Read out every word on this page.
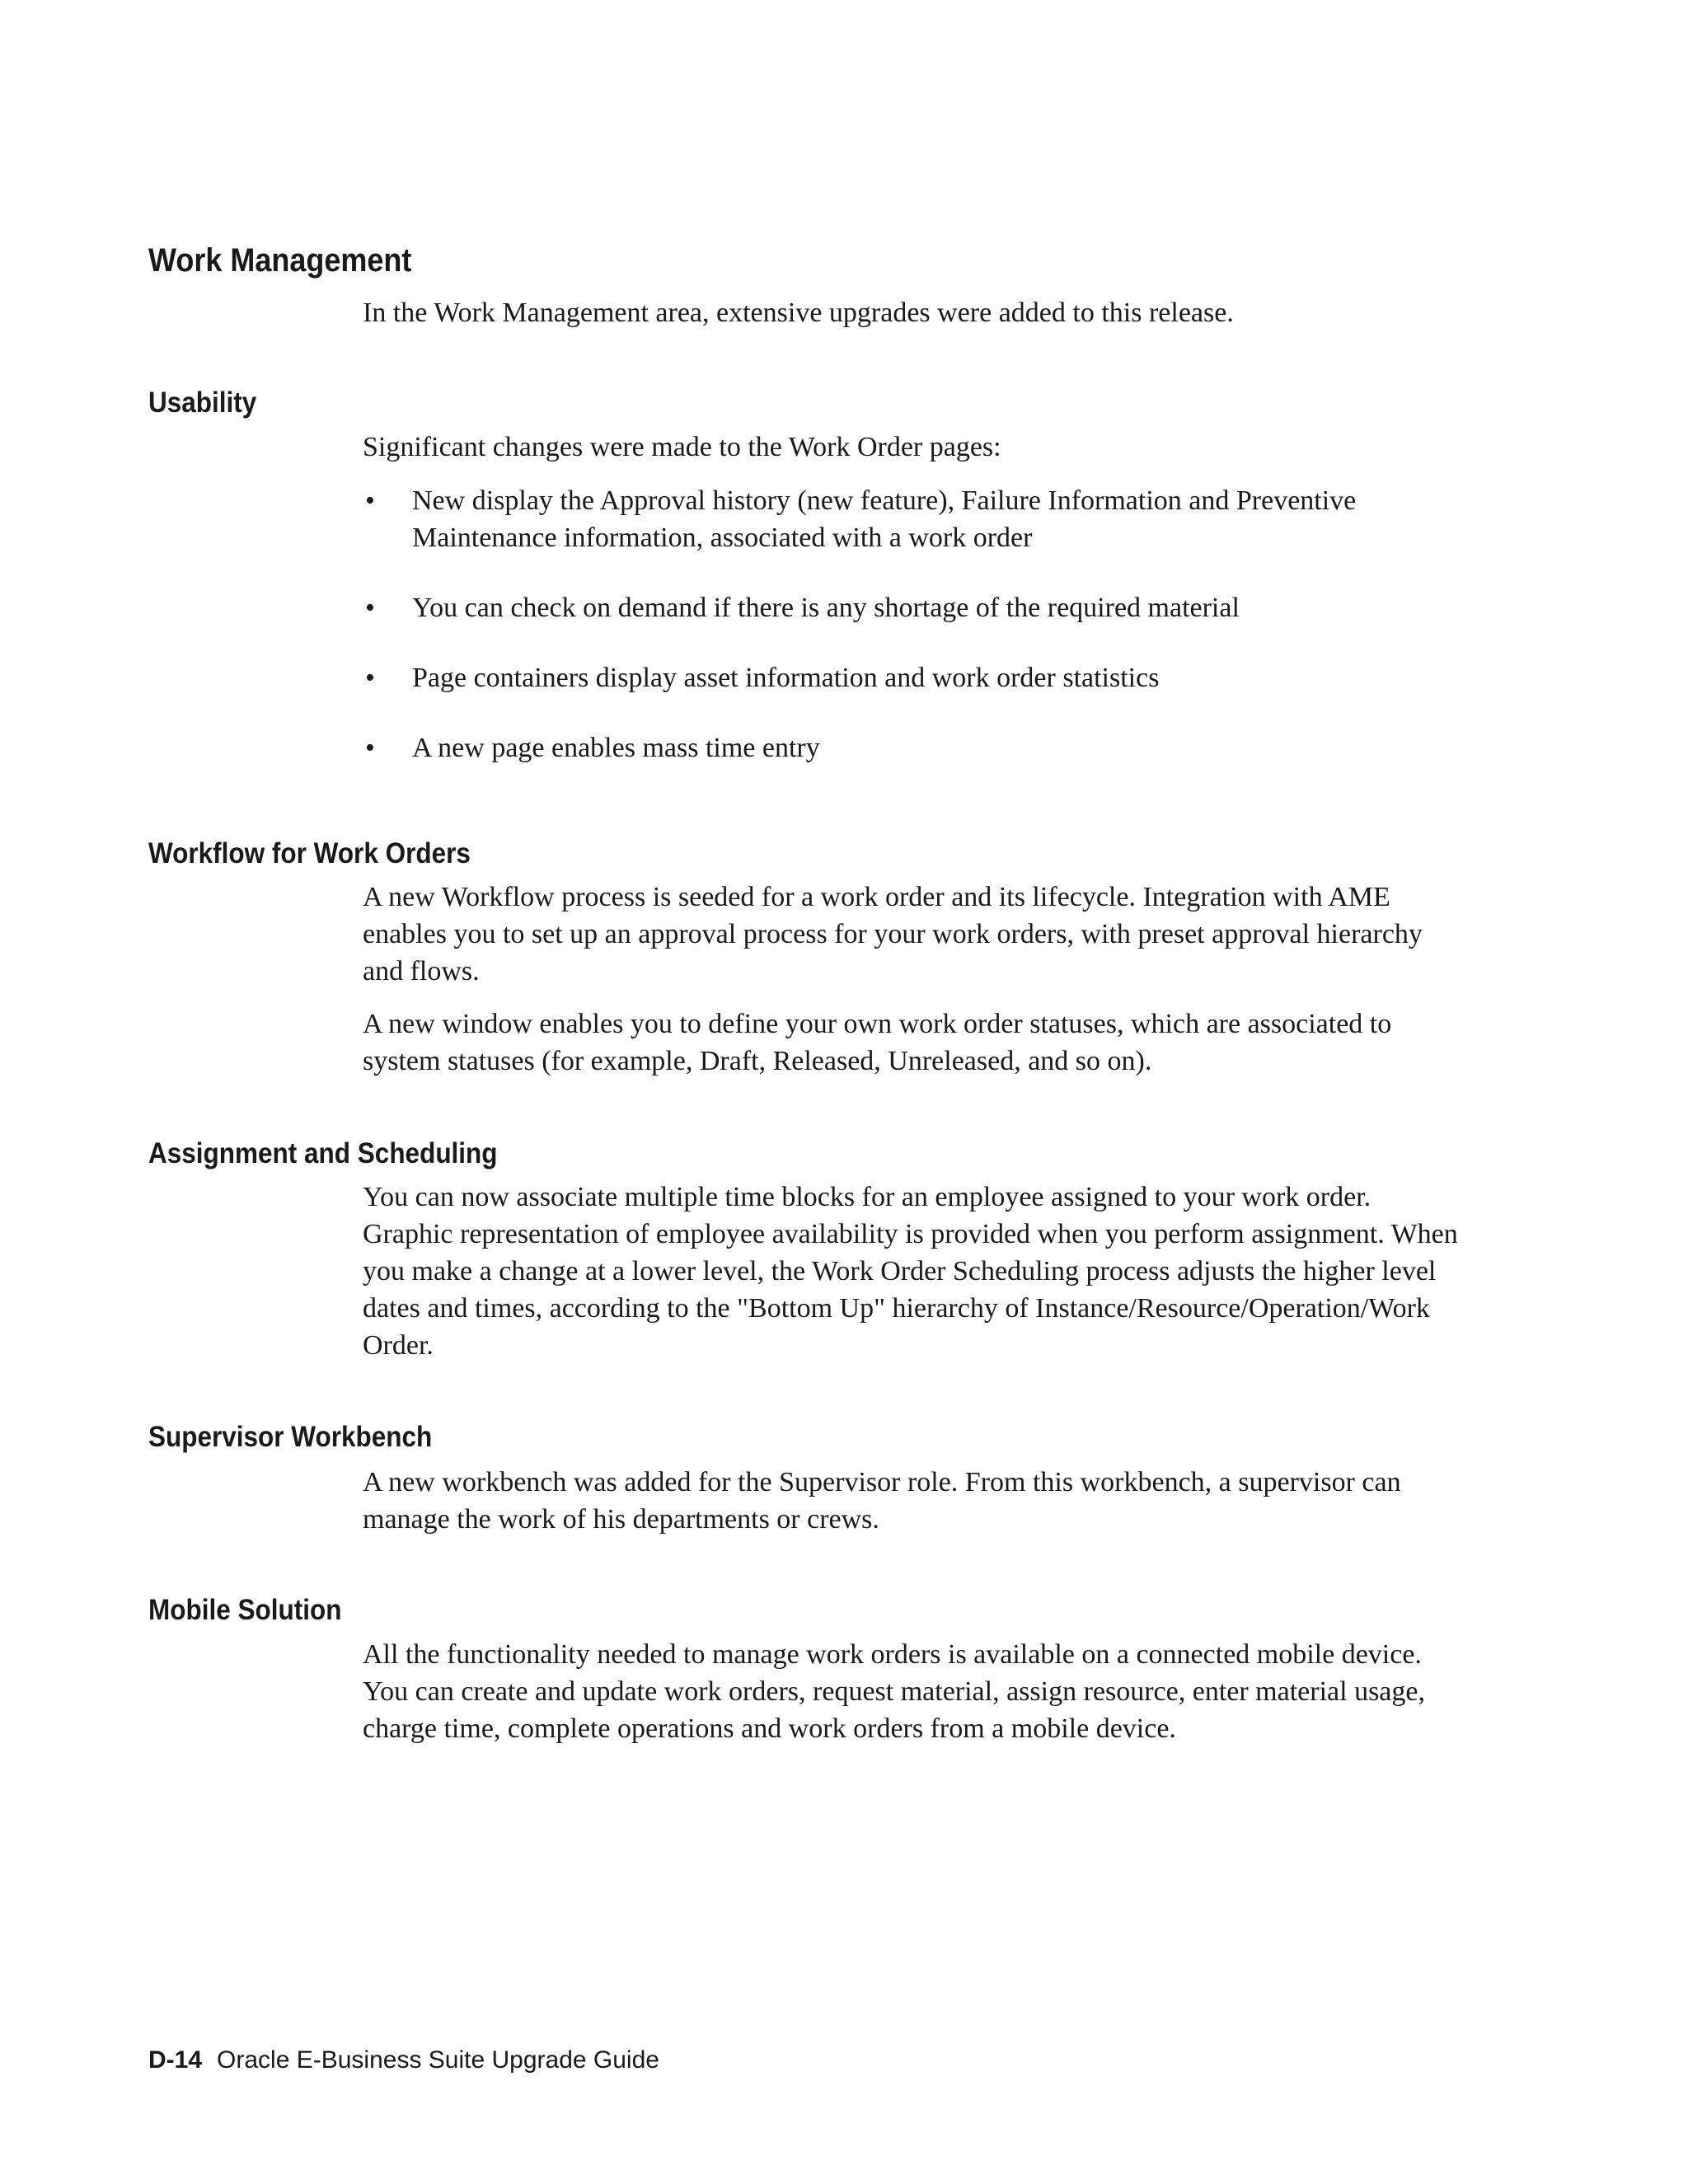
Work Management

In the Work Management area, extensive upgrades were added to this release.

Usability

Significant changes were made to the Work Order pages:

• New display the Approval history (new feature), Failure Information and Preventive Maintenance information, associated with a work order
• You can check on demand if there is any shortage of the required material
• Page containers display asset information and work order statistics
• A new page enables mass time entry
Workflow for Work Orders

A new Workflow process is seeded for a work order and its lifecycle. Integration with AME enables you to set up an approval process for your work orders, with preset approval hierarchy and flows.

A new window enables you to define your own work order statuses, which are associated to system statuses (for example, Draft, Released, Unreleased, and so on).

Assignment and Scheduling

You can now associate multiple time blocks for an employee assigned to your work order. Graphic representation of employee availability is provided when you perform assignment. When you make a change at a lower level, the Work Order Scheduling process adjusts the higher level dates and times, according to the "Bottom Up" hierarchy of Instance/Resource/Operation/Work Order.

Supervisor Workbench

A new workbench was added for the Supervisor role. From this workbench, a supervisor can manage the work of his departments or crews.

Mobile Solution

All the functionality needed to manage work orders is available on a connected mobile device. You can create and update work orders, request material, assign resource, enter material usage, charge time, complete operations and work orders from a mobile device.

D-14 Oracle E-Business Suite Upgrade Guide
